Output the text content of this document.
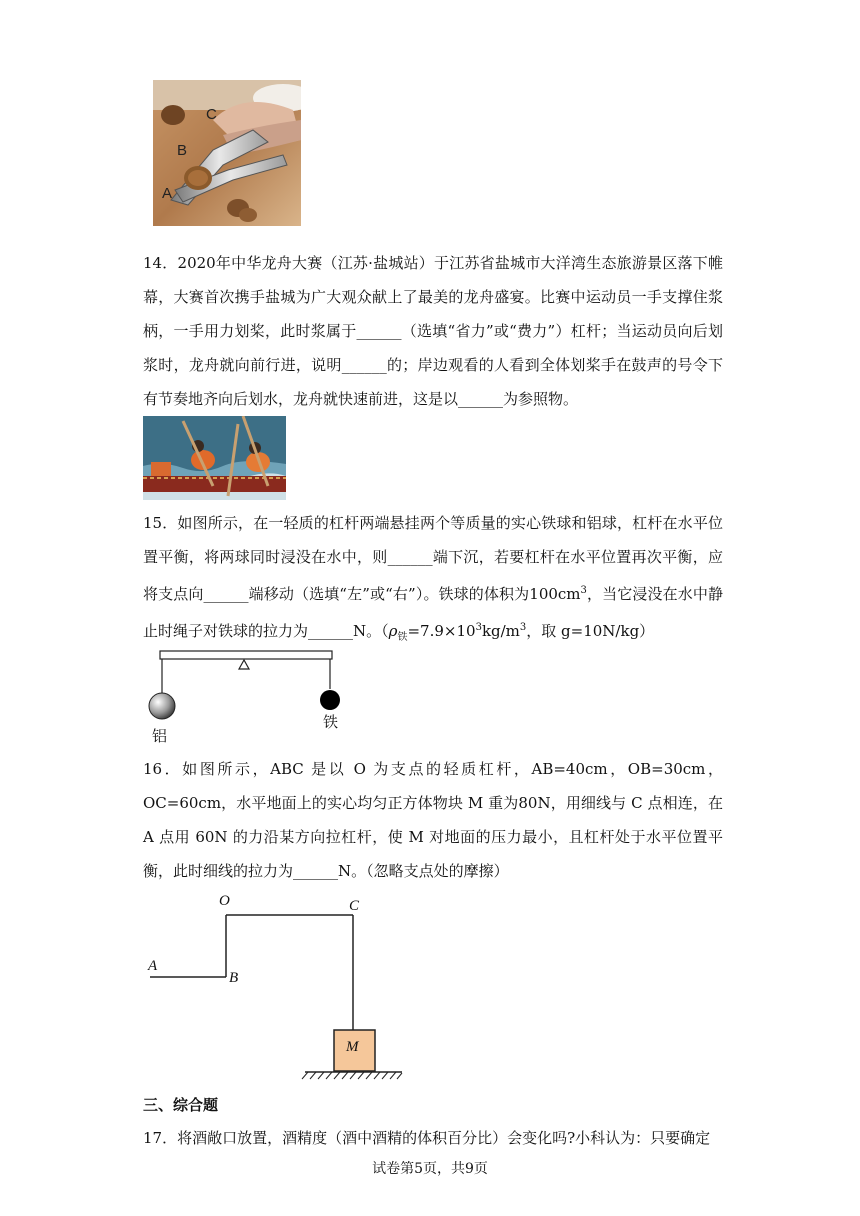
C
B
A

14．2020年中华龙舟大赛（江苏·盐城站）于江苏省盐城市大洋湾生态旅游景区落下帷幕，大赛首次携手盐城为广大观众献上了最美的龙舟盛宴。比赛中运动员一手支撑住浆柄，一手用力划桨，此时浆属于______（选填“省力”或“费力”）杠杆；当运动员向后划浆时，龙舟就向前行进，说明______的；岸边观看的人看到全体划桨手在鼓声的号令下有节奏地齐向后划水，龙舟就快速前进，这是以______为参照物。

15．如图所示，在一轻质的杠杆两端悬挂两个等质量的实心铁球和铝球，杠杆在水平位置平衡，将两球同时浸没在水中，则______端下沉，若要杠杆在水平位置再次平衡，应将支点向______端移动（选填“左”或“右”）。铁球的体积为$100cm^3$，当它浸没在水中静止时绳子对铁球的拉力为______N。（$\rho_铁=7.9\times 10^3kg/m^3$，取 g=10N/kg）

铝
铁

16．如图所示，ABC 是以 O 为支点的轻质杠杆，AB=40cm，OB=30cm，OC=60cm，水平地面上的实心均匀正方体物块 M 重为80N，用细线与 C 点相连，在 A 点用 60N 的力沿某方向拉杠杆，使 M 对地面的压力最小，且杠杆处于水平位置平衡，此时细线的拉力为______N。（忽略支点处的摩擦）

O	C
A
B
M
三、综合题

17．将酒敞口放置，酒精度（酒中酒精的体积百分比）会变化吗?小科认为：只要确定

试卷第5页，共9页
